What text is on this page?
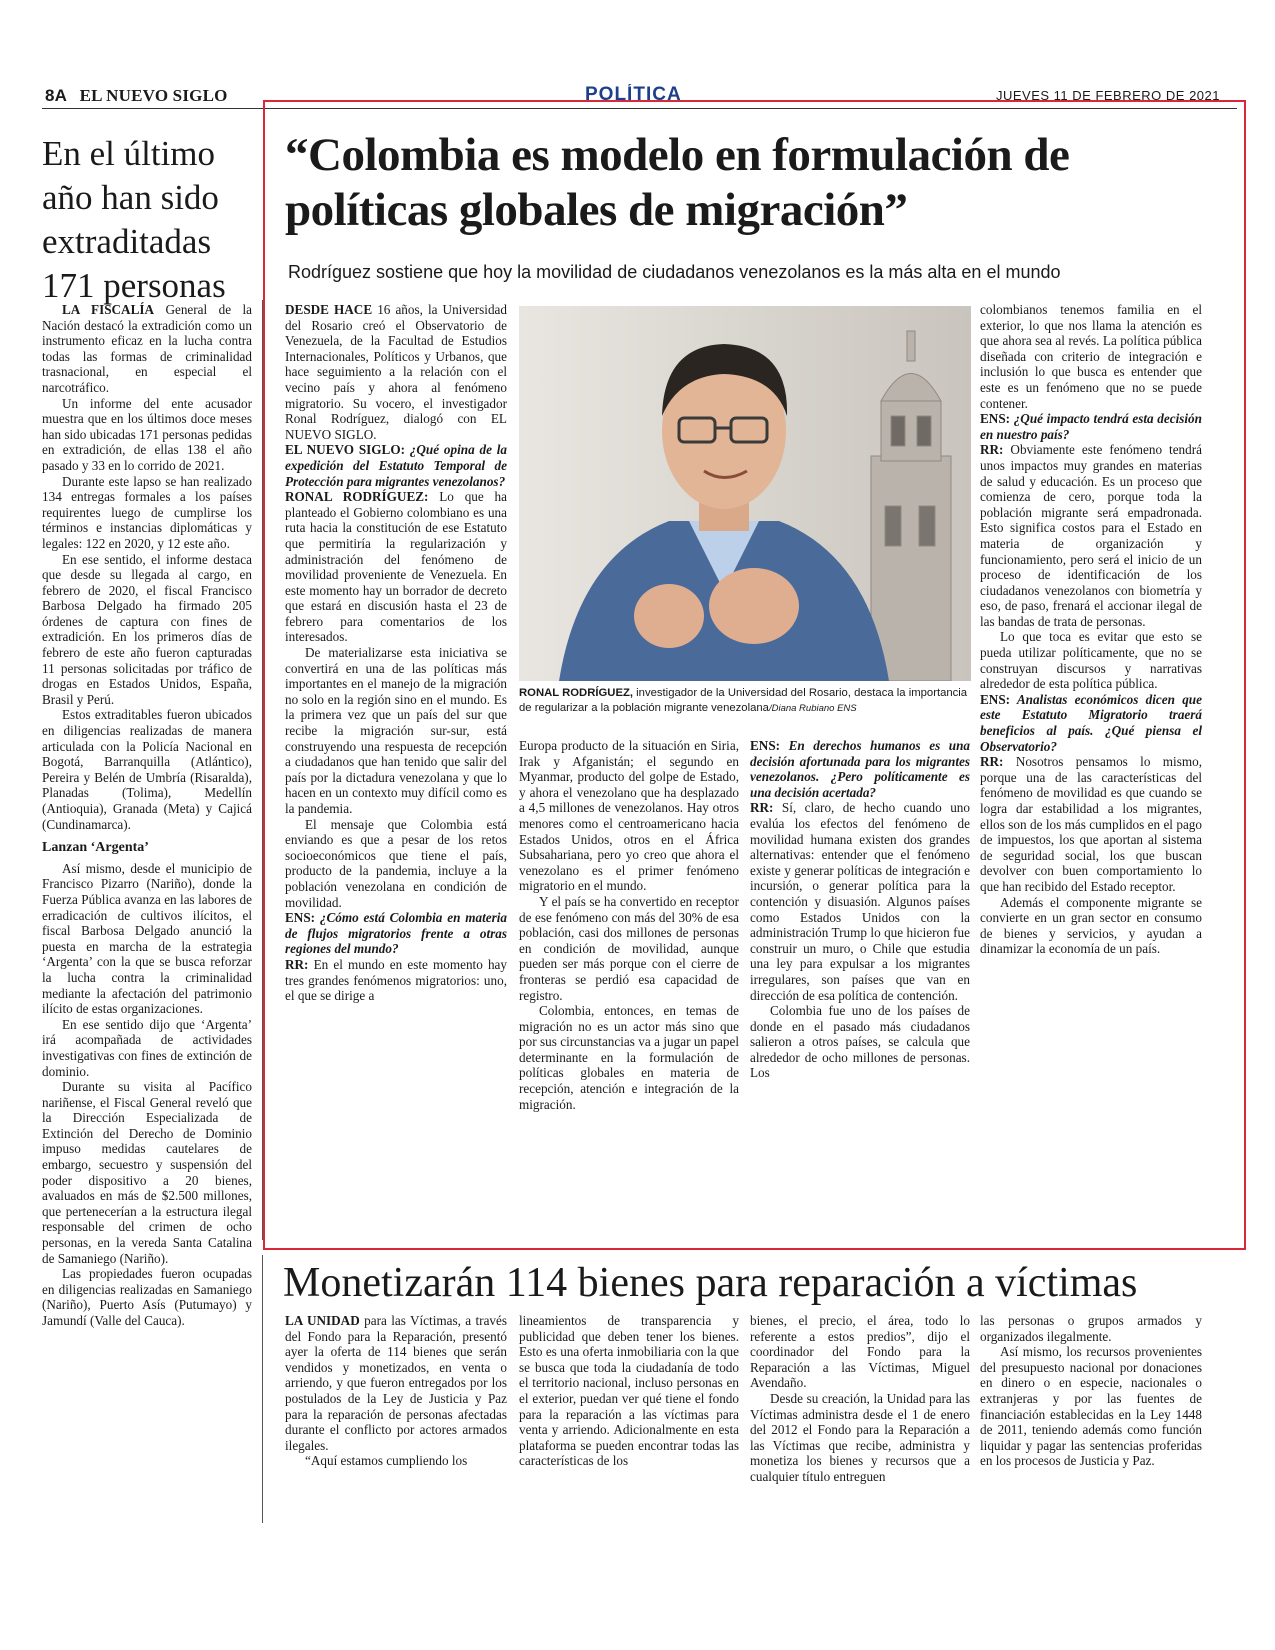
8A EL NUEVO SIGLO	POLÍTICA	JUEVES 11 DE FEBRERO DE 2021
En el último año han sido extraditadas 171 personas

LA FISCALÍA General de la Nación destacó la extradición como un instrumento eficaz en la lucha contra todas las formas de criminalidad trasnacional, en especial el narcotráfico.

Un informe del ente acusador muestra que en los últimos doce meses han sido ubicadas 171 personas pedidas en extradición, de ellas 138 el año pasado y 33 en lo corrido de 2021.

Durante este lapso se han realizado 134 entregas formales a los países requirentes luego de cumplirse los términos e instancias diplomáticas y legales: 122 en 2020, y 12 este año.

En ese sentido, el informe destaca que desde su llegada al cargo, en febrero de 2020, el fiscal Francisco Barbosa Delgado ha firmado 205 órdenes de captura con fines de extradición. En los primeros días de febrero de este año fueron capturadas 11 personas solicitadas por tráfico de drogas en Estados Unidos, España, Brasil y Perú.

Estos extraditables fueron ubicados en diligencias realizadas de manera articulada con la Policía Nacional en Bogotá, Barranquilla (Atlántico), Pereira y Belén de Umbría (Risaralda), Planadas (Tolima), Medellín (Antioquia), Granada (Meta) y Cajicá (Cundinamarca).

Lanzan ‘Argenta’

Así mismo, desde el municipio de Francisco Pizarro (Nariño), donde la Fuerza Pública avanza en las labores de erradicación de cultivos ilícitos, el fiscal Barbosa Delgado anunció la puesta en marcha de la estrategia ‘Argenta’ con la que se busca reforzar la lucha contra la criminalidad mediante la afectación del patrimonio ilícito de estas organizaciones.

En ese sentido dijo que ‘Argenta’ irá acompañada de actividades investigativas con fines de extinción de dominio.

Durante su visita al Pacífico nariñense, el Fiscal General reveló que la Dirección Especializada de Extinción del Derecho de Dominio impuso medidas cautelares de embargo, secuestro y suspensión del poder dispositivo a 20 bienes, avaluados en más de $2.500 millones, que pertenecerían a la estructura ilegal responsable del crimen de ocho personas, en la vereda Santa Catalina de Samaniego (Nariño).

Las propiedades fueron ocupadas en diligencias realizadas en Samaniego (Nariño), Puerto Asís (Putumayo) y Jamundí (Valle del Cauca).

“Colombia es modelo en formulación de políticas globales de migración”
Rodríguez sostiene que hoy la movilidad de ciudadanos venezolanos es la más alta en el mundo

DESDE HACE 16 años, la Universidad del Rosario creó el Observatorio de Venezuela, de la Facultad de Estudios Internacionales, Políticos y Urbanos, que hace seguimiento a la relación con el vecino país y ahora al fenómeno migratorio. Su vocero, el investigador Ronal Rodríguez, dialogó con EL NUEVO SIGLO.

EL NUEVO SIGLO: ¿Qué opina de la expedición del Estatuto Temporal de Protección para migrantes venezolanos?

RONAL RODRÍGUEZ: Lo que ha planteado el Gobierno colombiano es una ruta hacia la constitución de ese Estatuto que permitiría la regularización y administración del fenómeno de movilidad proveniente de Venezuela. En este momento hay un borrador de decreto que estará en discusión hasta el 23 de febrero para comentarios de los interesados.

De materializarse esta iniciativa se convertirá en una de las políticas más importantes en el manejo de la migración no solo en la región sino en el mundo. Es la primera vez que un país del sur que recibe la migración sur-sur, está construyendo una respuesta de recepción a ciudadanos que han tenido que salir del país por la dictadura venezolana y que lo hacen en un contexto muy difícil como es la pandemia.

El mensaje que Colombia está enviando es que a pesar de los retos socioeconómicos que tiene el país, producto de la pandemia, incluye a la población venezolana en condición de movilidad.

ENS: ¿Cómo está Colombia en materia de flujos migratorios frente a otras regiones del mundo?

RR: En el mundo en este momento hay tres grandes fenómenos migratorios: uno, el que se dirige a

RONAL RODRÍGUEZ, investigador de la Universidad del Rosario, destaca la importancia de regularizar a la población migrante venezolana/Diana Rubiano ENS

Europa producto de la situación en Siria, Irak y Afganistán; el segundo en Myanmar, producto del golpe de Estado, y ahora el venezolano que ha desplazado a 4,5 millones de venezolanos. Hay otros menores como el centroamericano hacia Estados Unidos, otros en el África Subsahariana, pero yo creo que ahora el venezolano es el primer fenómeno migratorio en el mundo.

Y el país se ha convertido en receptor de ese fenómeno con más del 30% de esa población, casi dos millones de personas en condición de movilidad, aunque pueden ser más porque con el cierre de fronteras se perdió esa capacidad de registro.

Colombia, entonces, en temas de migración no es un actor más sino que por sus circunstancias va a jugar un papel determinante en la formulación de políticas globales en materia de recepción, atención e integración de la migración.

ENS: En derechos humanos es una decisión afortunada para los migrantes venezolanos. ¿Pero políticamente es una decisión acertada?

RR: Sí, claro, de hecho cuando uno evalúa los efectos del fenómeno de movilidad humana existen dos grandes alternativas: entender que el fenómeno existe y generar políticas de integración e incursión, o generar política para la contención y disuasión. Algunos países como Estados Unidos con la administración Trump lo que hicieron fue construir un muro, o Chile que estudia una ley para expulsar a los migrantes irregulares, son países que van en dirección de esa política de contención.

Colombia fue uno de los países de donde en el pasado más ciudadanos salieron a otros países, se calcula que alrededor de ocho millones de personas. Los

colombianos tenemos familia en el exterior, lo que nos llama la atención es que ahora sea al revés. La política pública diseñada con criterio de integración e inclusión lo que busca es entender que este es un fenómeno que no se puede contener.

ENS: ¿Qué impacto tendrá esta decisión en nuestro país?

RR: Obviamente este fenómeno tendrá unos impactos muy grandes en materias de salud y educación. Es un proceso que comienza de cero, porque toda la población migrante será empadronada. Esto significa costos para el Estado en materia de organización y funcionamiento, pero será el inicio de un proceso de identificación de los ciudadanos venezolanos con biometría y eso, de paso, frenará el accionar ilegal de las bandas de trata de personas.

Lo que toca es evitar que esto se pueda utilizar políticamente, que no se construyan discursos y narrativas alrededor de esta política pública.

ENS: Analistas económicos dicen que este Estatuto Migratorio traerá beneficios al país. ¿Qué piensa el Observatorio?

RR: Nosotros pensamos lo mismo, porque una de las características del fenómeno de movilidad es que cuando se logra dar estabilidad a los migrantes, ellos son de los más cumplidos en el pago de impuestos, los que aportan al sistema de seguridad social, los que buscan devolver con buen comportamiento lo que han recibido del Estado receptor.

Además el componente migrante se convierte en un gran sector en consumo de bienes y servicios, y ayudan a dinamizar la economía de un país.

Monetizarán 114 bienes para reparación a víctimas

LA UNIDAD para las Víctimas, a través del Fondo para la Reparación, presentó ayer la oferta de 114 bienes que serán vendidos y monetizados, en venta o arriendo, y que fueron entregados por los postulados de la Ley de Justicia y Paz para la reparación de personas afectadas durante el conflicto por actores armados ilegales.

“Aquí estamos cumpliendo los

lineamientos de transparencia y publicidad que deben tener los bienes. Esto es una oferta inmobiliaria con la que se busca que toda la ciudadanía de todo el territorio nacional, incluso personas en el exterior, puedan ver qué tiene el fondo para la reparación a las víctimas para venta y arriendo. Adicionalmente en esta plataforma se pueden encontrar todas las características de los

bienes, el precio, el área, todo lo referente a estos predios”, dijo el coordinador del Fondo para la Reparación a las Víctimas, Miguel Avendaño.

Desde su creación, la Unidad para las Víctimas administra desde el 1 de enero del 2012 el Fondo para la Reparación a las Víctimas que recibe, administra y monetiza los bienes y recursos que a cualquier título entreguen

las personas o grupos armados y organizados ilegalmente.

Así mismo, los recursos provenientes del presupuesto nacional por donaciones en dinero o en especie, nacionales o extranjeras y por las fuentes de financiación establecidas en la Ley 1448 de 2011, teniendo además como función liquidar y pagar las sentencias proferidas en los procesos de Justicia y Paz.
